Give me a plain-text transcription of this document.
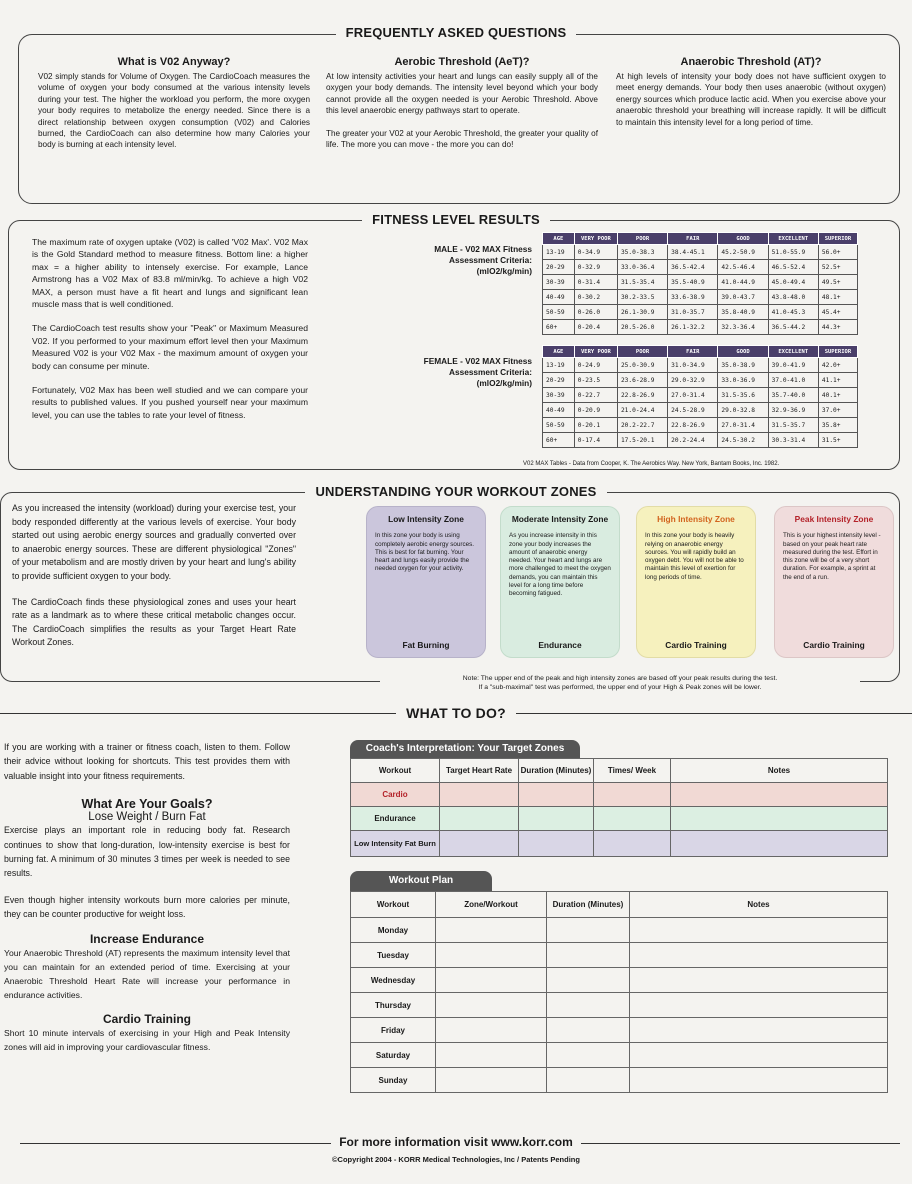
FREQUENTLY ASKED QUESTIONS
What is V02 Anyway?
V02 simply stands for Volume of Oxygen. The CardioCoach measures the volume of oxygen your body consumed at the various intensity levels during your test. The higher the workload you perform, the more oxygen your body requires to metabolize the energy needed. Since there is a direct relationship between oxygen consumption (V02) and Calories burned, the CardioCoach can also determine how many Calories your body is burning at each intensity level.
Aerobic Threshold (AeT)?
At low intensity activities your heart and lungs can easily supply all of the oxygen your body demands. The intensity level beyond which your body cannot provide all the oxygen needed is your Aerobic Threshold. Above this level anaerobic energy pathways start to operate.
The greater your V02 at your Aerobic Threshold, the greater your quality of life. The more you can move - the more you can do!
Anaerobic Threshold (AT)?
At high levels of intensity your body does not have sufficient oxygen to meet energy demands. Your body then uses anaerobic (without oxygen) energy sources which produce lactic acid. When you exercise above your anaerobic threshold your breathing will increase rapidly. It will be difficult to maintain this intensity level for a long period of time.
FITNESS LEVEL RESULTS
The maximum rate of oxygen uptake (V02) is called 'V02 Max'. V02 Max is the Gold Standard method to measure fitness. Bottom line: a higher max = a higher ability to intensely exercise. For example, Lance Armstrong has a V02 Max of 83.8 ml/min/kg. To achieve a high V02 MAX, a person must have a fit heart and lungs and significant lean muscle mass that is well conditioned.
The CardioCoach test results show your "Peak" or Maximum Measured V02. If you performed to your maximum effort level then your Maximum Measured V02 is your V02 Max - the maximum amount of oxygen your body can consume per minute.
Fortunately, V02 Max has been well studied and we can compare your results to published values. If you pushed yourself near your maximum level, you can use the tables to rate your level of fitness.
MALE - V02 MAX Fitness
Assessment Criteria:
(mlO2/kg/min)
AGE	VERY POOR	POOR	FAIR	GOOD	EXCELLENT	SUPERIOR
13-19	0-34.9	35.0-38.3	38.4-45.1	45.2-50.9	51.0-55.9	56.0+
20-29	0-32.9	33.0-36.4	36.5-42.4	42.5-46.4	46.5-52.4	52.5+
30-39	0-31.4	31.5-35.4	35.5-40.9	41.0-44.9	45.0-49.4	49.5+
40-49	0-30.2	30.2-33.5	33.6-38.9	39.0-43.7	43.8-48.0	48.1+
50-59	0-26.0	26.1-30.9	31.0-35.7	35.8-40.9	41.0-45.3	45.4+
60+	0-20.4	20.5-26.0	26.1-32.2	32.3-36.4	36.5-44.2	44.3+
FEMALE - V02 MAX Fitness
Assessment Criteria:
(mlO2/kg/min)
AGE	VERY POOR	POOR	FAIR	GOOD	EXCELLENT	SUPERIOR
13-19	0-24.9	25.0-30.9	31.0-34.9	35.0-38.9	39.0-41.9	42.0+
20-29	0-23.5	23.6-28.9	29.0-32.9	33.0-36.9	37.0-41.0	41.1+
30-39	0-22.7	22.8-26.9	27.0-31.4	31.5-35.6	35.7-40.0	40.1+
40-49	0-20.9	21.0-24.4	24.5-28.9	29.0-32.8	32.9-36.9	37.0+
50-59	0-20.1	20.2-22.7	22.8-26.9	27.0-31.4	31.5-35.7	35.8+
60+	0-17.4	17.5-20.1	20.2-24.4	24.5-30.2	30.3-31.4	31.5+
V02 MAX Tables - Data from Cooper, K. The Aerobics Way. New York, Bantam Books, Inc. 1982.
UNDERSTANDING YOUR WORKOUT ZONES
As you increased the intensity (workload) during your exercise test, your body responded differently at the various levels of exercise. Your body started out using aerobic energy sources and gradually converted over to anaerobic energy sources. These are different physiological "Zones" of your metabolism and are mostly driven by your heart and lung's ability to provide sufficient oxygen to your body.
The CardioCoach finds these physiological zones and uses your heart rate as a landmark as to where these critical metabolic changes occur. The CardioCoach simplifies the results as your Target Heart Rate Workout Zones.
Low Intensity Zone
In this zone your body is using completely aerobic energy sources. This is best for fat burning. Your heart and lungs easily provide the needed oxygen for your activity.
Fat Burning
Moderate Intensity Zone
As you increase intensity in this zone your body increases the amount of anaerobic energy needed. Your heart and lungs are more challenged to meet the oxygen demands, you can maintain this level for a long time before becoming fatigued.
Endurance
High Intensity Zone
In this zone your body is heavily relying on anaerobic energy sources. You will rapidly build an oxygen debt. You will not be able to maintain this level of exertion for long periods of time.
Cardio Training
Peak Intensity Zone
This is your highest intensity level - based on your peak heart rate measured during the test. Effort in this zone will be of a very short duration. For example, a sprint at the end of a run.
Cardio Training
Note: The upper end of the peak and high intensity zones are based off your peak results during the test.
If a "sub-maximal" test was performed, the upper end of your High & Peak zones will be lower.
WHAT TO DO?
If you are working with a trainer or fitness coach, listen to them. Follow their advice without looking for shortcuts. This test provides them with valuable insight into your fitness requirements.
What Are Your Goals?
Lose Weight / Burn Fat
Exercise plays an important role in reducing body fat. Research continues to show that long-duration, low-intensity exercise is best for burning fat. A minimum of 30 minutes 3 times per week is needed to see results.
Even though higher intensity workouts burn more calories per minute, they can be counter productive for weight loss.
Increase Endurance
Your Anaerobic Threshold (AT) represents the maximum intensity level that you can maintain for an extended period of time. Exercising at your Anaerobic Threshold Heart Rate will increase your performance in endurance activities.
Cardio Training
Short 10 minute intervals of exercising in your High and Peak Intensity zones will aid in improving your cardiovascular fitness.
Coach's Interpretation: Your Target Zones
Workout	Target Heart Rate	Duration (Minutes)	Times/ Week	Notes
Cardio				
Endurance				
Low Intensity Fat Burn				
Workout Plan
Workout	Zone/Workout	Duration (Minutes)	Notes
Monday			
Tuesday			
Wednesday			
Thursday			
Friday			
Saturday			
Sunday			
For more information visit www.korr.com
©Copyright 2004 - KORR Medical Technologies, Inc / Patents Pending
